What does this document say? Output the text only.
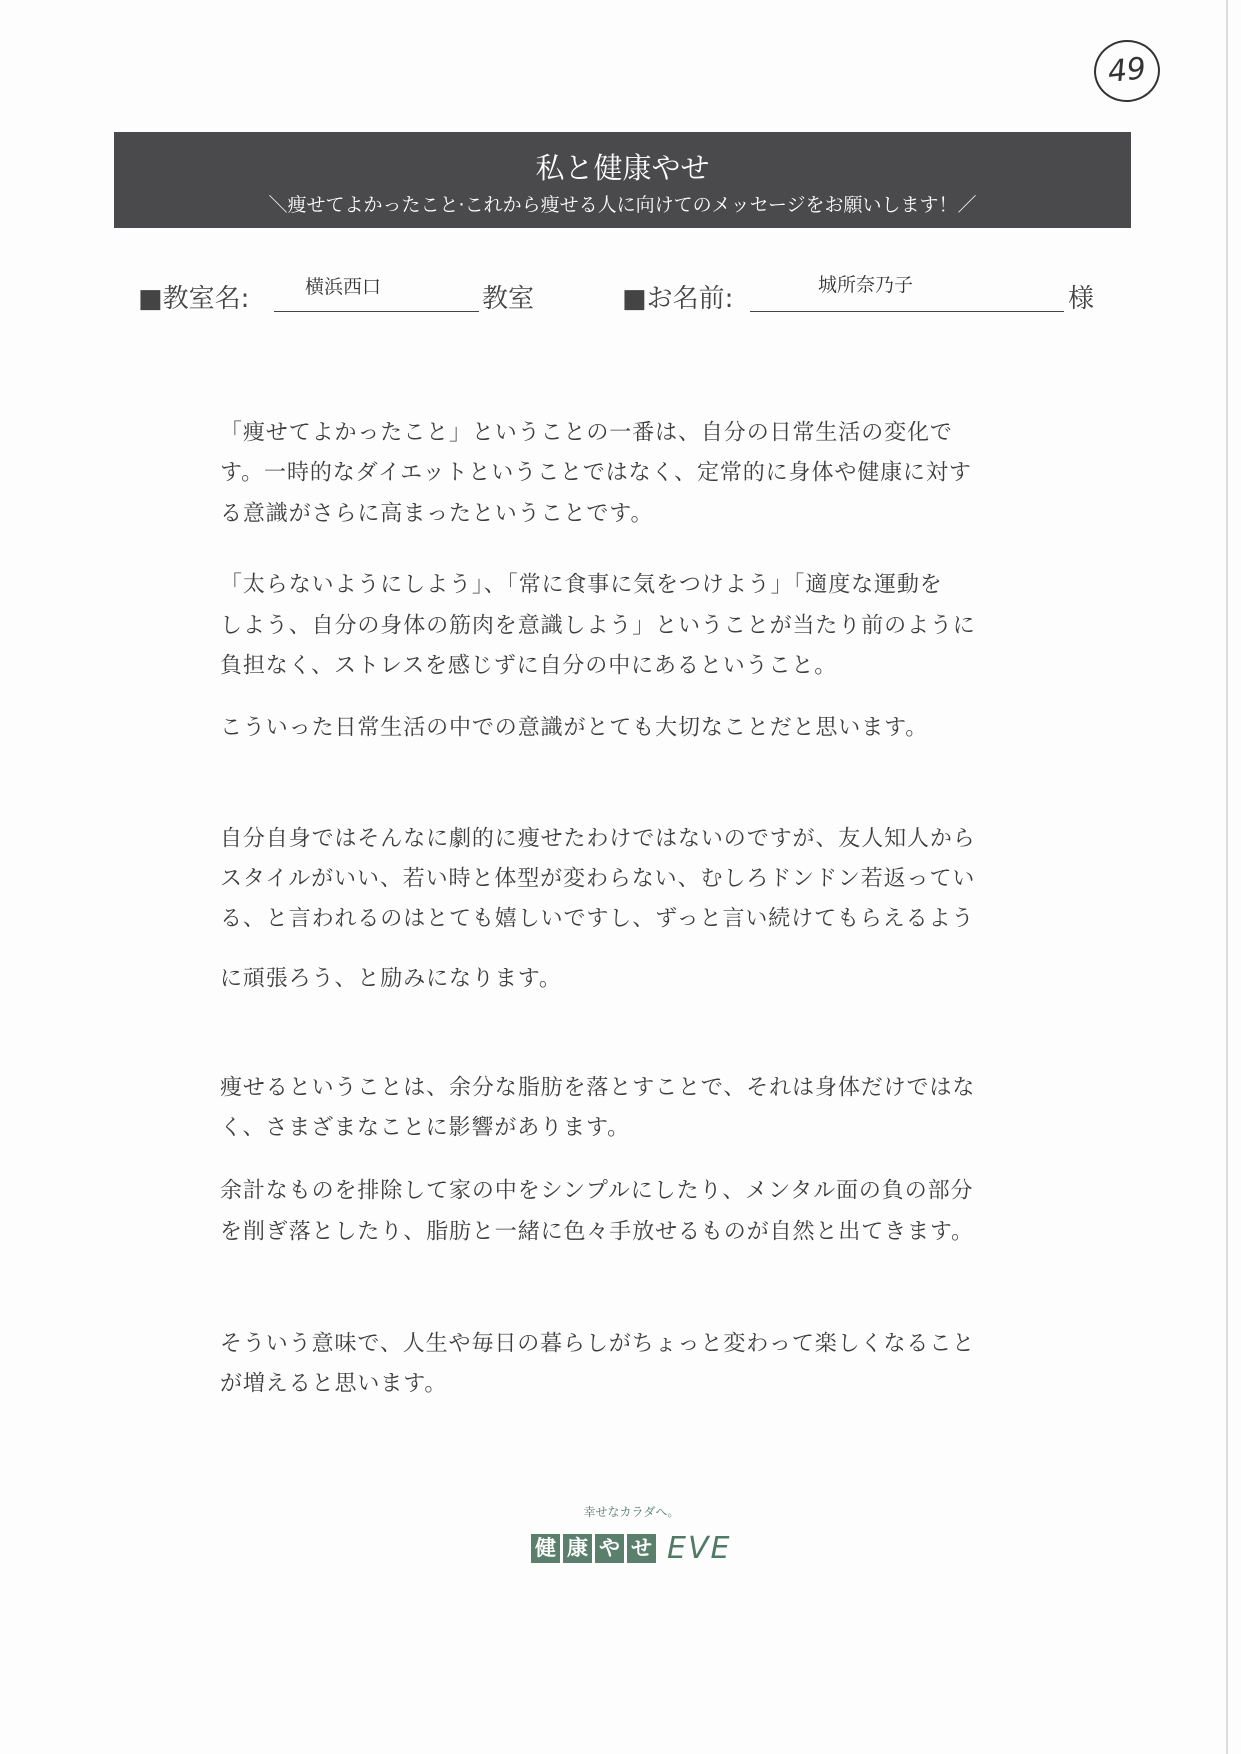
49
私と健康やせ
＼痩せてよかったこと·これから痩せる人に向けてのメッセージをお願いします！／
■教室名:	横浜西口	教室	■お名前:	城所奈乃子	様
「痩せてよかったこと」ということの一番は、自分の日常生活の変化で
す。一時的なダイエットということではなく、定常的に身体や健康に対す
る意識がさらに高まったということです。
「太らないようにしよう」、「常に食事に気をつけよう」「適度な運動を
しよう、自分の身体の筋肉を意識しよう」ということが当たり前のように
負担なく、ストレスを感じずに自分の中にあるということ。
こういった日常生活の中での意識がとても大切なことだと思います。
自分自身ではそんなに劇的に痩せたわけではないのですが、友人知人から
スタイルがいい、若い時と体型が変わらない、むしろドンドン若返ってい
る、と言われるのはとても嬉しいですし、ずっと言い続けてもらえるよう
に頑張ろう、と励みになります。
痩せるということは、余分な脂肪を落とすことで、それは身体だけではな
く、さまざまなことに影響があります。
余計なものを排除して家の中をシンプルにしたり、メンタル面の負の部分
を削ぎ落としたり、脂肪と一緒に色々手放せるものが自然と出てきます。
そういう意味で、人生や毎日の暮らしがちょっと変わって楽しくなること
が増えると思います。
幸せなカラダへ。
健 康 や せ EVE
